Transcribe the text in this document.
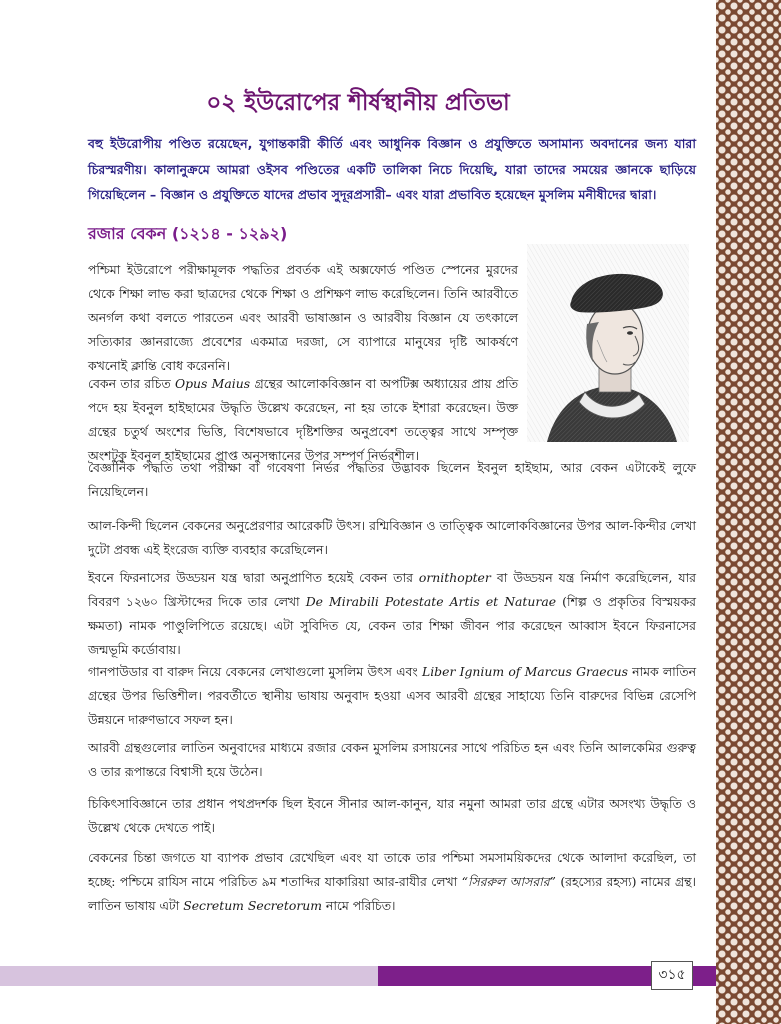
০২ ইউরোপের শীর্ষস্থানীয় প্রতিভা

বহু ইউরোপীয় পণ্ডিত রয়েছেন, যুগান্তকারী কীর্তি এবং আধুনিক বিজ্ঞান ও প্রযুক্তিতে অসামান্য অবদানের জন্য যারা চিরস্মরণীয়। কালানুক্রমে আমরা ওইসব পণ্ডিতের একটি তালিকা নিচে দিয়েছি, যারা তাদের সময়ের জ্ঞানকে ছাড়িয়ে গিয়েছিলেন – বিজ্ঞান ও প্রযুক্তিতে যাদের প্রভাব সুদূরপ্রসারী– এবং যারা প্রভাবিত হয়েছেন মুসলিম মনীষীদের দ্বারা।

রজার বেকন (১২১৪ - ১২৯২)

পশ্চিমা ইউরোপে পরীক্ষামূলক পদ্ধতির প্রবর্তক এই অক্সফোর্ড পণ্ডিত স্পেনের মুরদের থেকে শিক্ষা লাভ করা ছাত্রদের থেকে শিক্ষা ও প্রশিক্ষণ লাভ করেছিলেন। তিনি আরবীতে অনর্গল কথা বলতে পারতেন এবং আরবী ভাষাজ্ঞান ও আরবীয় বিজ্ঞান যে তৎকালে সত্যিকার জ্ঞানরাজ্যে প্রবেশের একমাত্র দরজা, সে ব্যাপারে মানুষের দৃষ্টি আকর্ষণে কখনোই ক্লান্তি বোধ করেননি।

বেকন তার রচিত Opus Maius গ্রন্থের আলোকবিজ্ঞান বা অপটিক্স অধ্যায়ের প্রায় প্রতি পদে হয় ইবনুল হাইছামের উদ্ধৃতি উল্লেখ করেছেন, না হয় তাকে ইশারা করেছেন। উক্ত গ্রন্থের চতুর্থ অংশের ভিত্তি, বিশেষভাবে দৃষ্টিশক্তির অনুপ্রবেশ তত্ত্বের সাথে সম্পৃক্ত অংশটুকু ইবনুল হাইছামের প্রাপ্ত অনুসন্ধানের উপর সম্পূর্ণ নির্ভরশীল।

বৈজ্ঞানিক পদ্ধতি তথা পরীক্ষা বা গবেষণা নির্ভর পদ্ধতির উদ্ভাবক ছিলেন ইবনুল হাইছাম, আর বেকন এটাকেই লুফে নিয়েছিলেন।

আল-কিন্দী ছিলেন বেকনের অনুপ্রেরণার আরেকটি উৎস। রশ্মিবিজ্ঞান ও তাত্ত্বিক আলোকবিজ্ঞানের উপর আল-কিন্দীর লেখা দুটো প্রবন্ধ এই ইংরেজ ব্যক্তি ব্যবহার করেছিলেন।

ইবনে ফিরনাসের উড্ডয়ন যন্ত্র দ্বারা অনুপ্রাণিত হয়েই বেকন তার ornithopter বা উড্ডয়ন যন্ত্র নির্মাণ করেছিলেন, যার বিবরণ ১২৬০ খ্রিস্টাব্দের দিকে তার লেখা De Mirabili Potestate Artis et Naturae (শিল্প ও প্রকৃতির বিস্ময়কর ক্ষমতা) নামক পাণ্ডুলিপিতে রয়েছে। এটা সুবিদিত যে, বেকন তার শিক্ষা জীবন পার করেছেন আব্বাস ইবনে ফিরনাসের জন্মভূমি কর্ডোবায়।

গানপাউডার বা বারুদ নিয়ে বেকনের লেখাগুলো মুসলিম উৎস এবং Liber Ignium of Marcus Graecus নামক লাতিন গ্রন্থের উপর ভিত্তিশীল। পরবর্তীতে স্থানীয় ভাষায় অনুবাদ হওয়া এসব আরবী গ্রন্থের সাহায্যে তিনি বারুদের বিভিন্ন রেসেপি উন্নয়নে দারুণভাবে সফল হন।

আরবী গ্রন্থগুলোর লাতিন অনুবাদের মাধ্যমে রজার বেকন মুসলিম রসায়নের সাথে পরিচিত হন এবং তিনি আলকেমির গুরুত্ব ও তার রূপান্তরে বিশ্বাসী হয়ে উঠেন।

চিকিৎসাবিজ্ঞানে তার প্রধান পথপ্রদর্শক ছিল ইবনে সীনার আল-কানুন, যার নমুনা আমরা তার গ্রন্থে এটার অসংখ্য উদ্ধৃতি ও উল্লেখ থেকে দেখতে পাই।

বেকনের চিন্তা জগতে যা ব্যাপক প্রভাব রেখেছিল এবং যা তাকে তার পশ্চিমা সমসাময়িকদের থেকে আলাদা করেছিল, তা হচ্ছে: পশ্চিমে রাযিস নামে পরিচিত ৯ম শতাব্দির যাকারিয়া আর-রাযীর লেখা “সিররুল আসরার” (রহস্যের রহস্য) নামের গ্রন্থ। লাতিন ভাষায় এটা Secretum Secretorum নামে পরিচিত।

৩১৫
